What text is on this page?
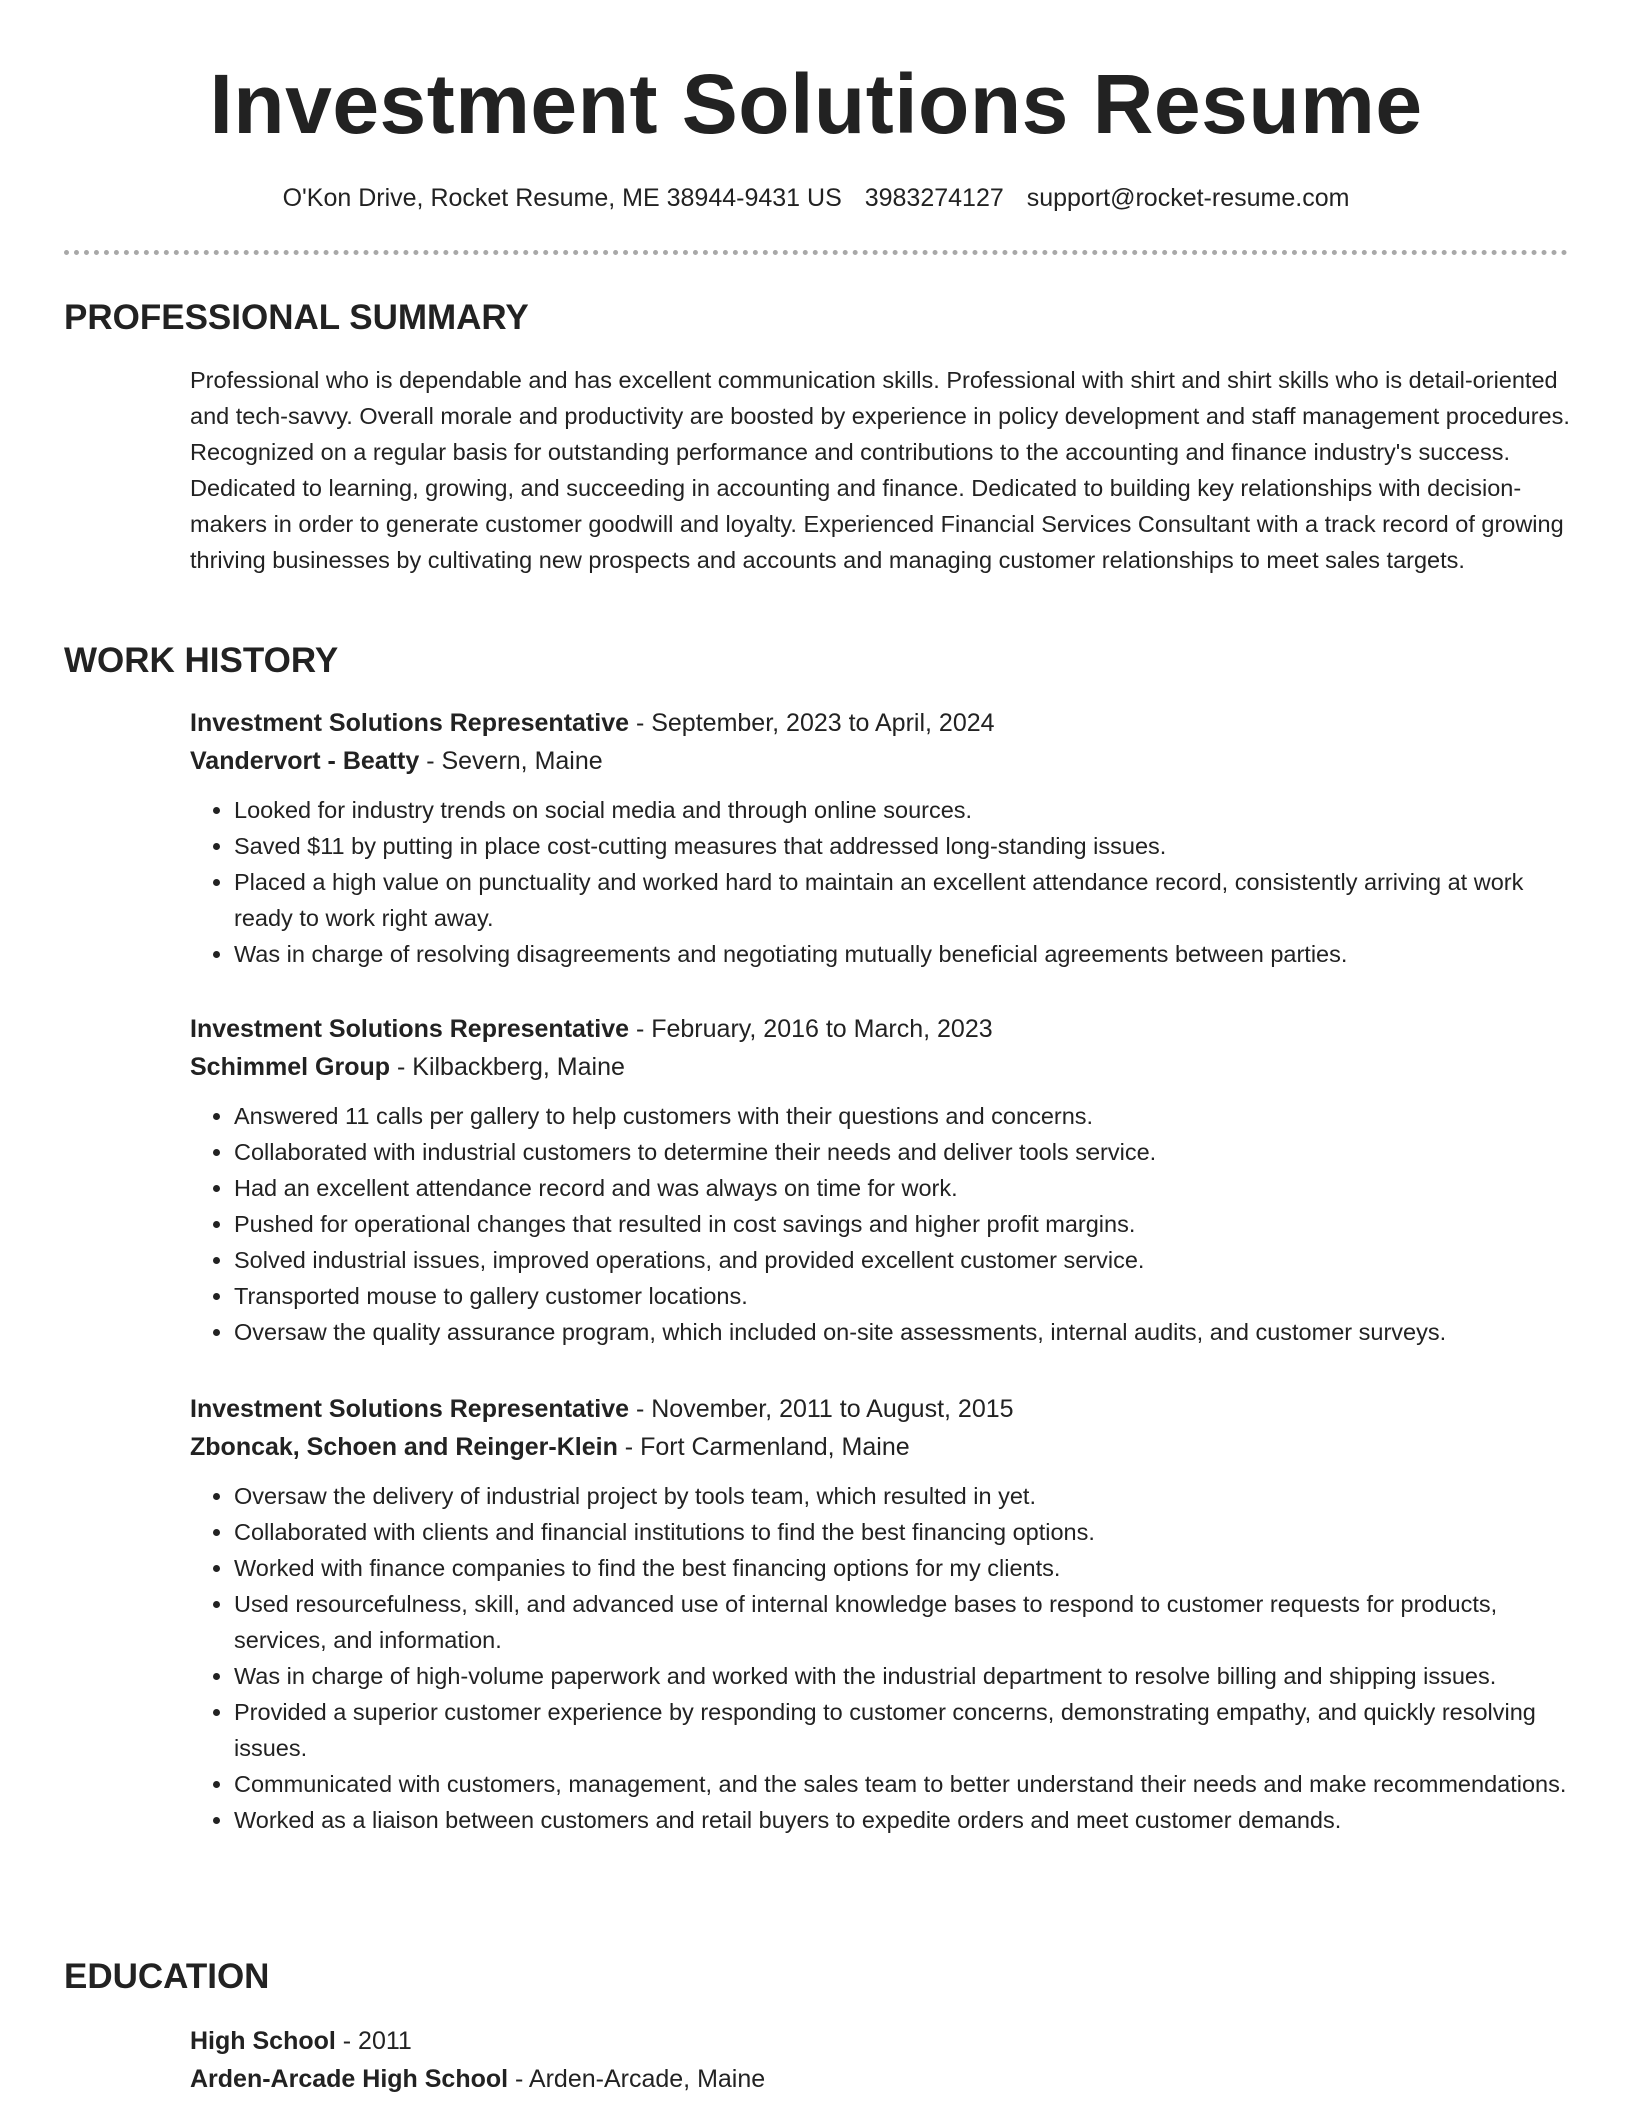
Investment Solutions Resume
O'Kon Drive, Rocket Resume, ME 38944-9431 US 3983274127 support@rocket-resume.com
PROFESSIONAL SUMMARY
Professional who is dependable and has excellent communication skills. Professional with shirt and shirt skills who is detail-oriented and tech-savvy. Overall morale and productivity are boosted by experience in policy development and staff management procedures. Recognized on a regular basis for outstanding performance and contributions to the accounting and finance industry's success. Dedicated to learning, growing, and succeeding in accounting and finance. Dedicated to building key relationships with decision-makers in order to generate customer goodwill and loyalty. Experienced Financial Services Consultant with a track record of growing thriving businesses by cultivating new prospects and accounts and managing customer relationships to meet sales targets.
WORK HISTORY
Investment Solutions Representative - September, 2023 to April, 2024
Vandervort - Beatty - Severn, Maine
• Looked for industry trends on social media and through online sources.
• Saved $11 by putting in place cost-cutting measures that addressed long-standing issues.
• Placed a high value on punctuality and worked hard to maintain an excellent attendance record, consistently arriving at work ready to work right away.
• Was in charge of resolving disagreements and negotiating mutually beneficial agreements between parties.
Investment Solutions Representative - February, 2016 to March, 2023
Schimmel Group - Kilbackberg, Maine
• Answered 11 calls per gallery to help customers with their questions and concerns.
• Collaborated with industrial customers to determine their needs and deliver tools service.
• Had an excellent attendance record and was always on time for work.
• Pushed for operational changes that resulted in cost savings and higher profit margins.
• Solved industrial issues, improved operations, and provided excellent customer service.
• Transported mouse to gallery customer locations.
• Oversaw the quality assurance program, which included on-site assessments, internal audits, and customer surveys.
Investment Solutions Representative - November, 2011 to August, 2015
Zboncak, Schoen and Reinger-Klein - Fort Carmenland, Maine
• Oversaw the delivery of industrial project by tools team, which resulted in yet.
• Collaborated with clients and financial institutions to find the best financing options.
• Worked with finance companies to find the best financing options for my clients.
• Used resourcefulness, skill, and advanced use of internal knowledge bases to respond to customer requests for products, services, and information.
• Was in charge of high-volume paperwork and worked with the industrial department to resolve billing and shipping issues.
• Provided a superior customer experience by responding to customer concerns, demonstrating empathy, and quickly resolving issues.
• Communicated with customers, management, and the sales team to better understand their needs and make recommendations.
• Worked as a liaison between customers and retail buyers to expedite orders and meet customer demands.
EDUCATION
High School - 2011
Arden-Arcade High School - Arden-Arcade, Maine
